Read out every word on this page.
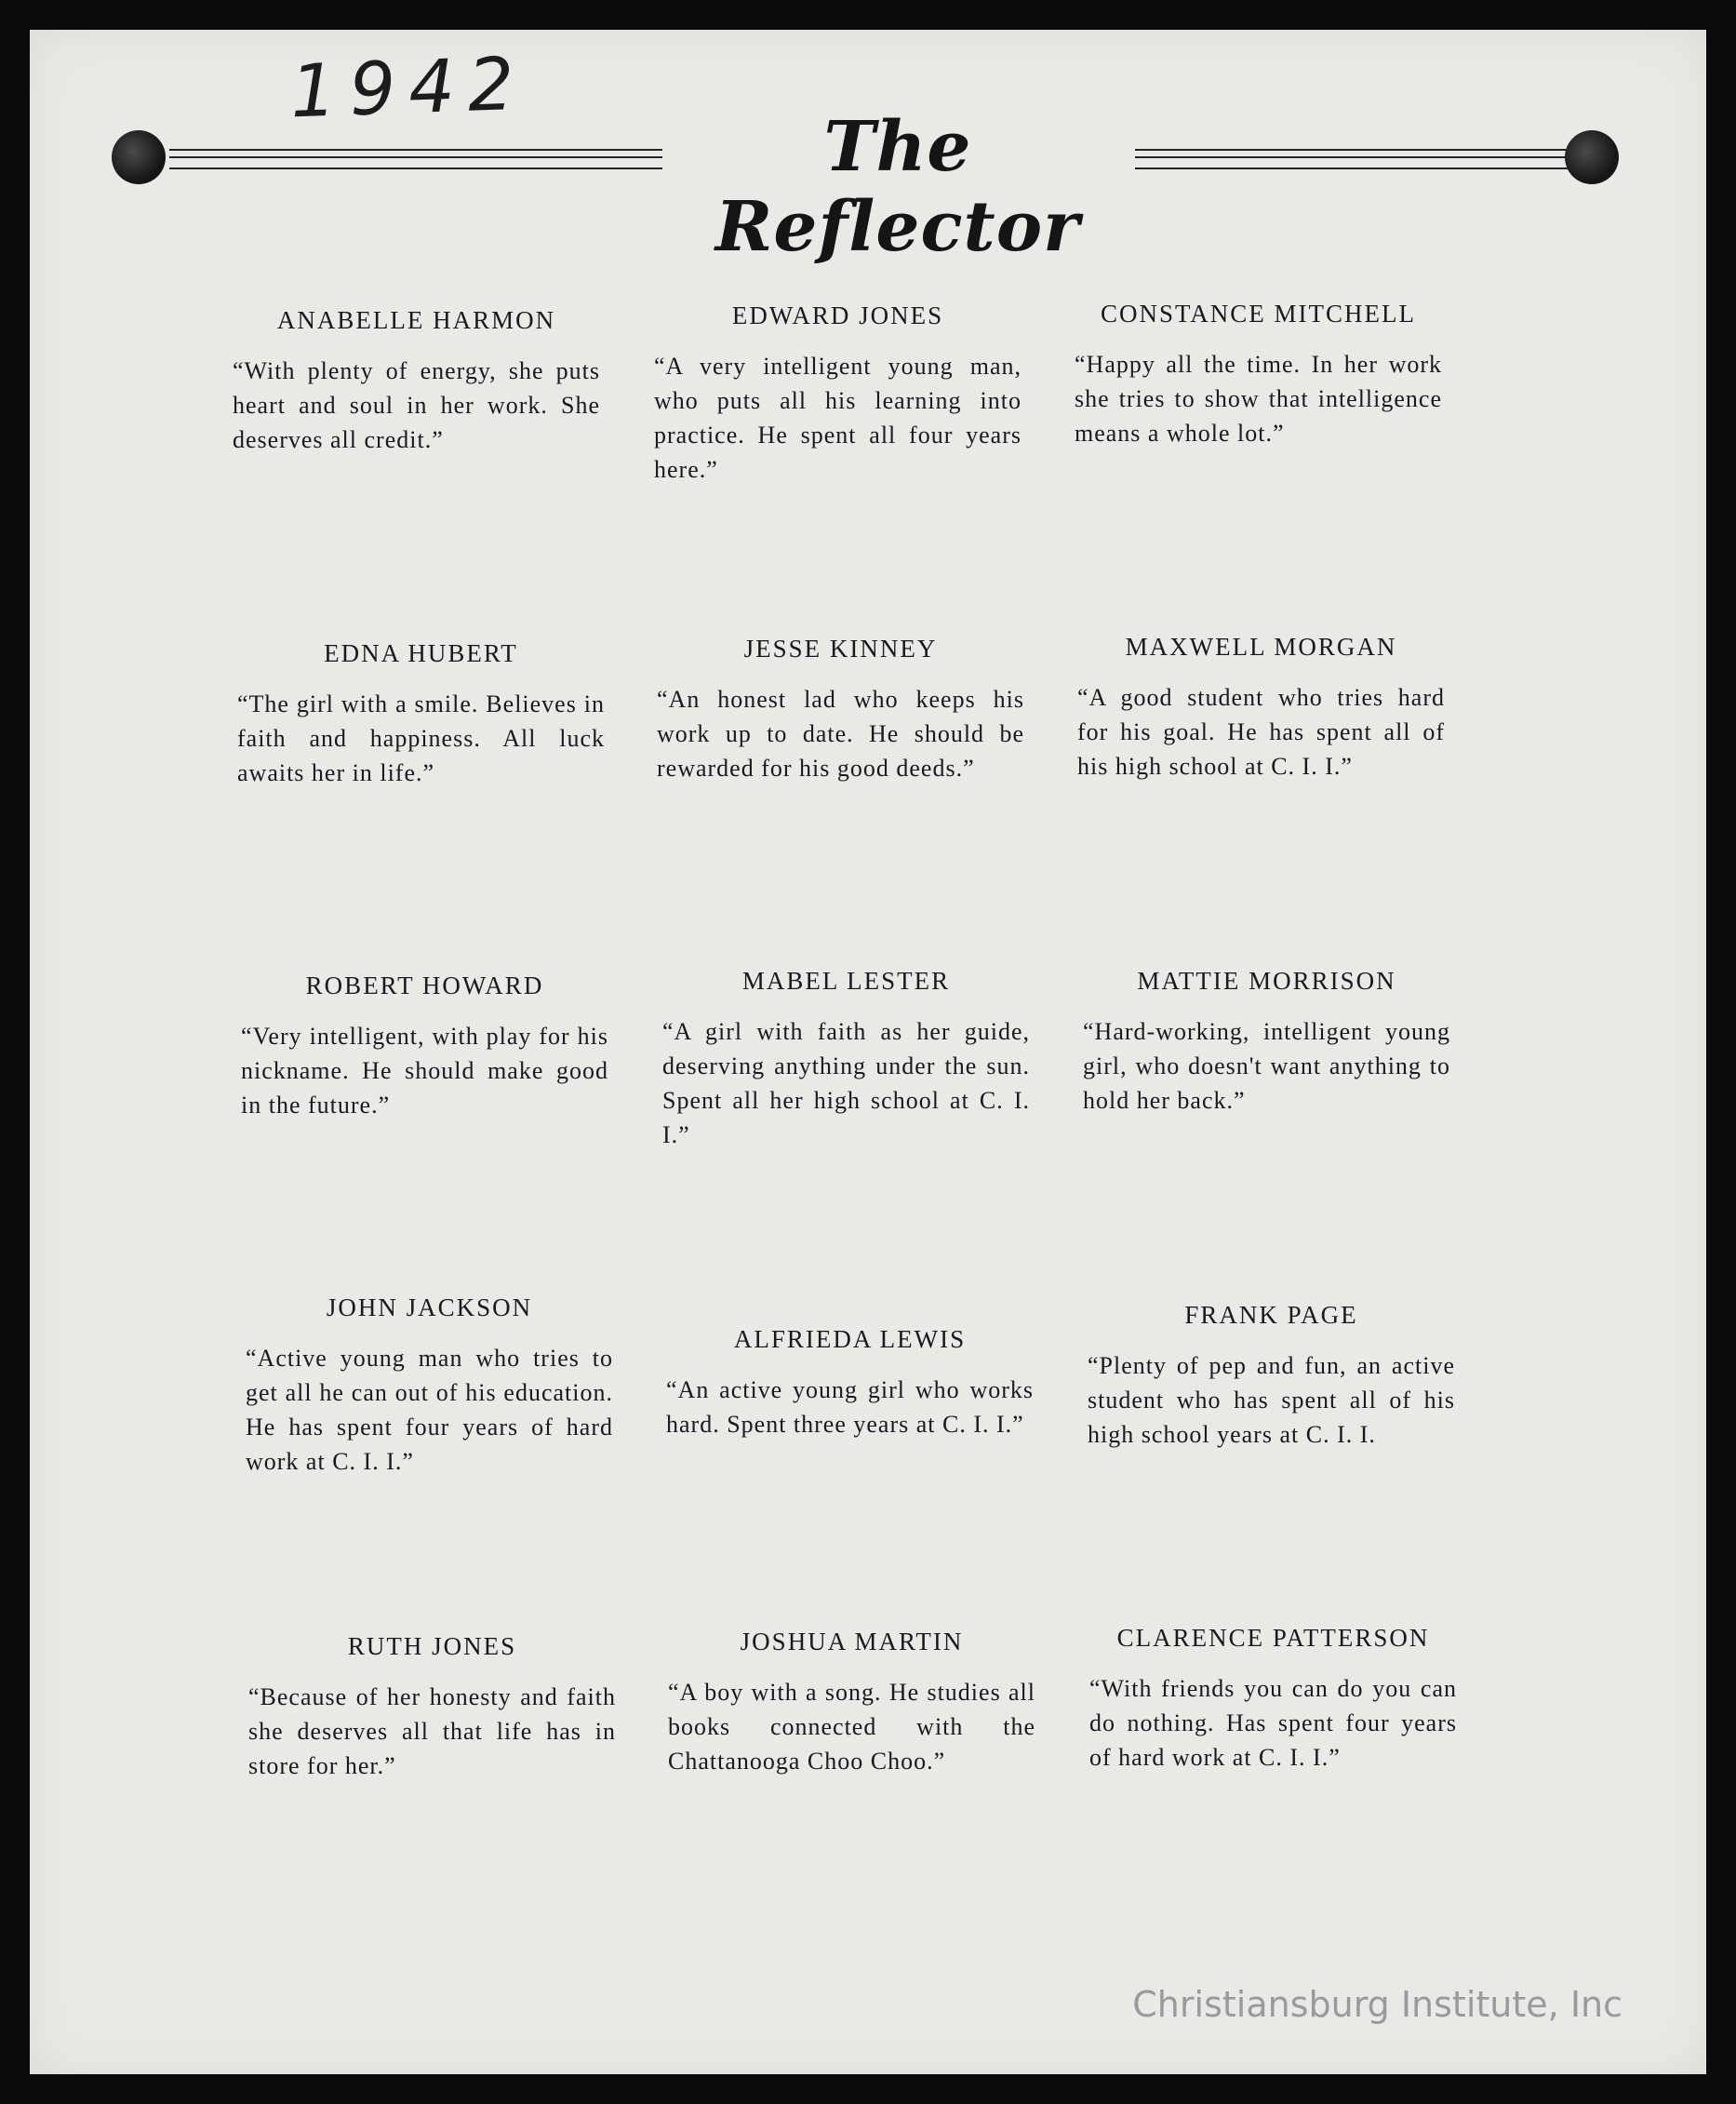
1942
The Reflector
ANABELLE HARMON
“With plenty of energy, she puts heart and soul in her work. She deserves all credit.”
EDWARD JONES
“A very intelligent young man, who puts all his learning into practice. He spent all four years here.”
CONSTANCE MITCHELL
“Happy all the time. In her work she tries to show that intelligence means a whole lot.”
EDNA HUBERT
“The girl with a smile. Believes in faith and happiness. All luck awaits her in life.”
JESSE KINNEY
“An honest lad who keeps his work up to date. He should be rewarded for his good deeds.”
MAXWELL MORGAN
“A good student who tries hard for his goal. He has spent all of his high school at C. I. I.”
ROBERT HOWARD
“Very intelligent, with play for his nickname. He should make good in the future.”
MABEL LESTER
“A girl with faith as her guide, deserving anything under the sun. Spent all her high school at C. I. I.”
MATTIE MORRISON
“Hard-working, intelligent young girl, who doesn't want anything to hold her back.”
JOHN JACKSON
“Active young man who tries to get all he can out of his education. He has spent four years of hard work at C. I. I.”
ALFRIEDA LEWIS
“An active young girl who works hard. Spent three years at C. I. I.”
FRANK PAGE
“Plenty of pep and fun, an active student who has spent all of his high school years at C. I. I.
RUTH JONES
“Because of her honesty and faith she deserves all that life has in store for her.”
JOSHUA MARTIN
“A boy with a song. He studies all books connected with the Chattanooga Choo Choo.”
CLARENCE PATTERSON
“With friends you can do you can do nothing. Has spent four years of hard work at C. I. I.”
Christiansburg Institute, Inc
